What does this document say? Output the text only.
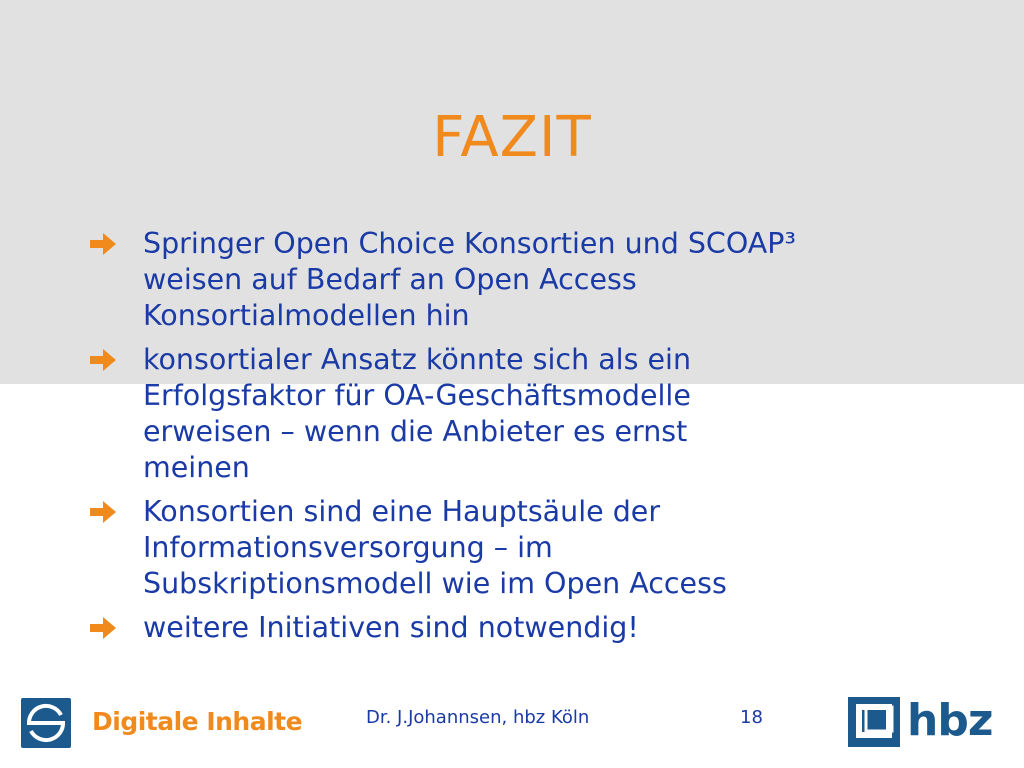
FAZIT
Springer Open Choice Konsortien und SCOAP³
weisen auf Bedarf an Open Access
Konsortialmodellen hin
konsortialer Ansatz könnte sich als ein
Erfolgsfaktor für OA-Geschäftsmodelle
erweisen – wenn die Anbieter es ernst
meinen
Konsortien sind eine Hauptsäule der
Informationsversorgung – im
Subskriptionsmodell wie im Open Access
weitere Initiativen sind notwendig!
Digitale Inhalte	Dr. J.Johannsen, hbz Köln	18	hbz
